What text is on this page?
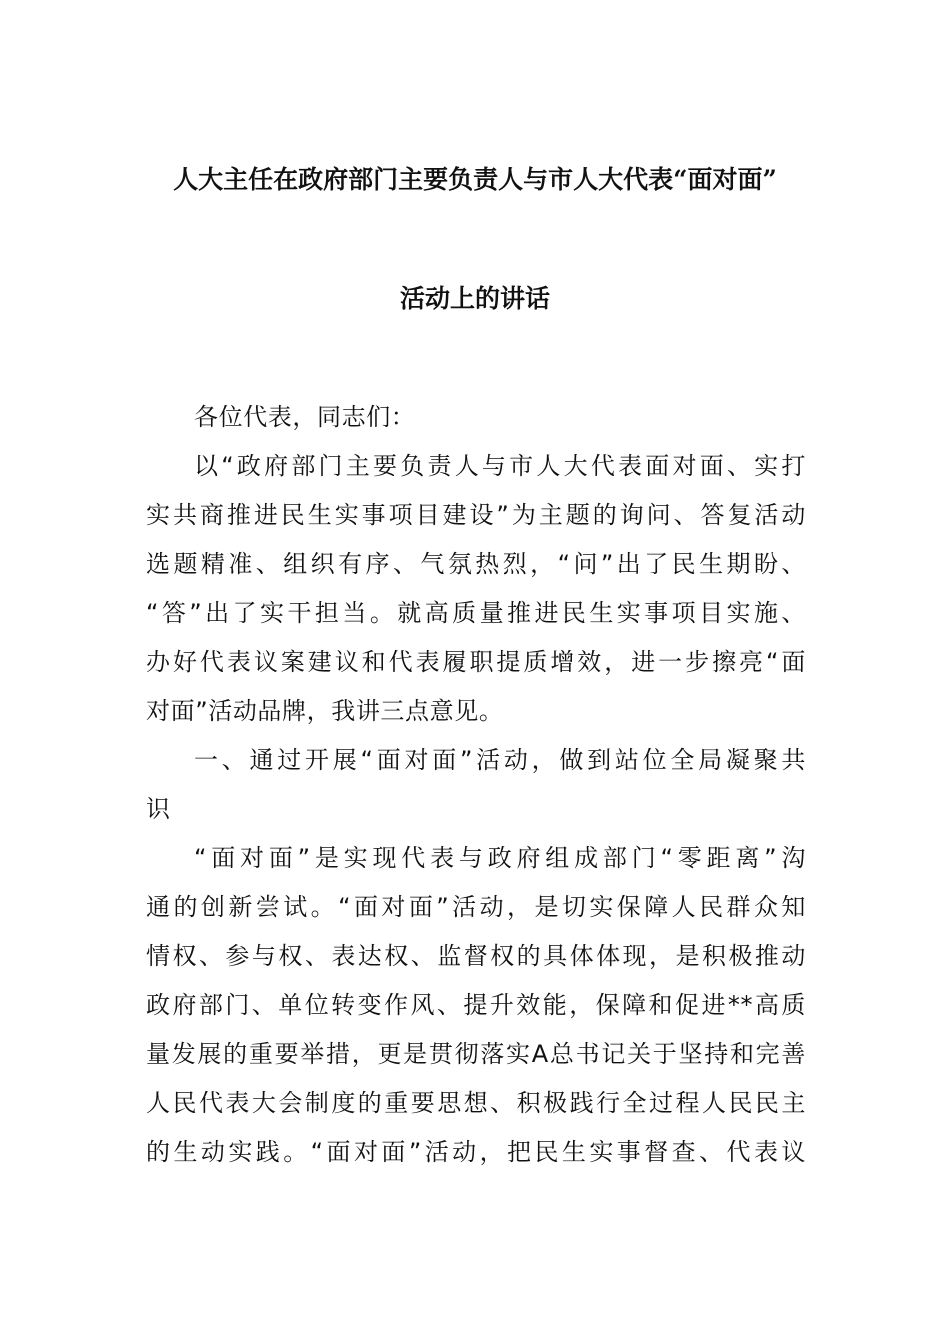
人大主任在政府部门主要负责人与市人大代表“面对面”
活动上的讲话
各位代表，同志们：
以“政府部门主要负责人与市人大代表面对面、实打
实共商推进民生实事项目建设”为主题的询问、答复活动
选题精准、组织有序、气氛热烈，“问”出了民生期盼、
“答”出了实干担当。就高质量推进民生实事项目实施、
办好代表议案建议和代表履职提质增效，进一步擦亮“面
对面”活动品牌，我讲三点意见。
一、通过开展“面对面”活动，做到站位全局凝聚共
识
“面对面”是实现代表与政府组成部门“零距离”沟
通的创新尝试。“面对面”活动，是切实保障人民群众知
情权、参与权、表达权、监督权的具体体现，是积极推动
政府部门、单位转变作风、提升效能，保障和促进**高质
量发展的重要举措，更是贯彻落实A总书记关于坚持和完善
人民代表大会制度的重要思想、积极践行全过程人民民主
的生动实践。“面对面”活动，把民生实事督查、代表议
